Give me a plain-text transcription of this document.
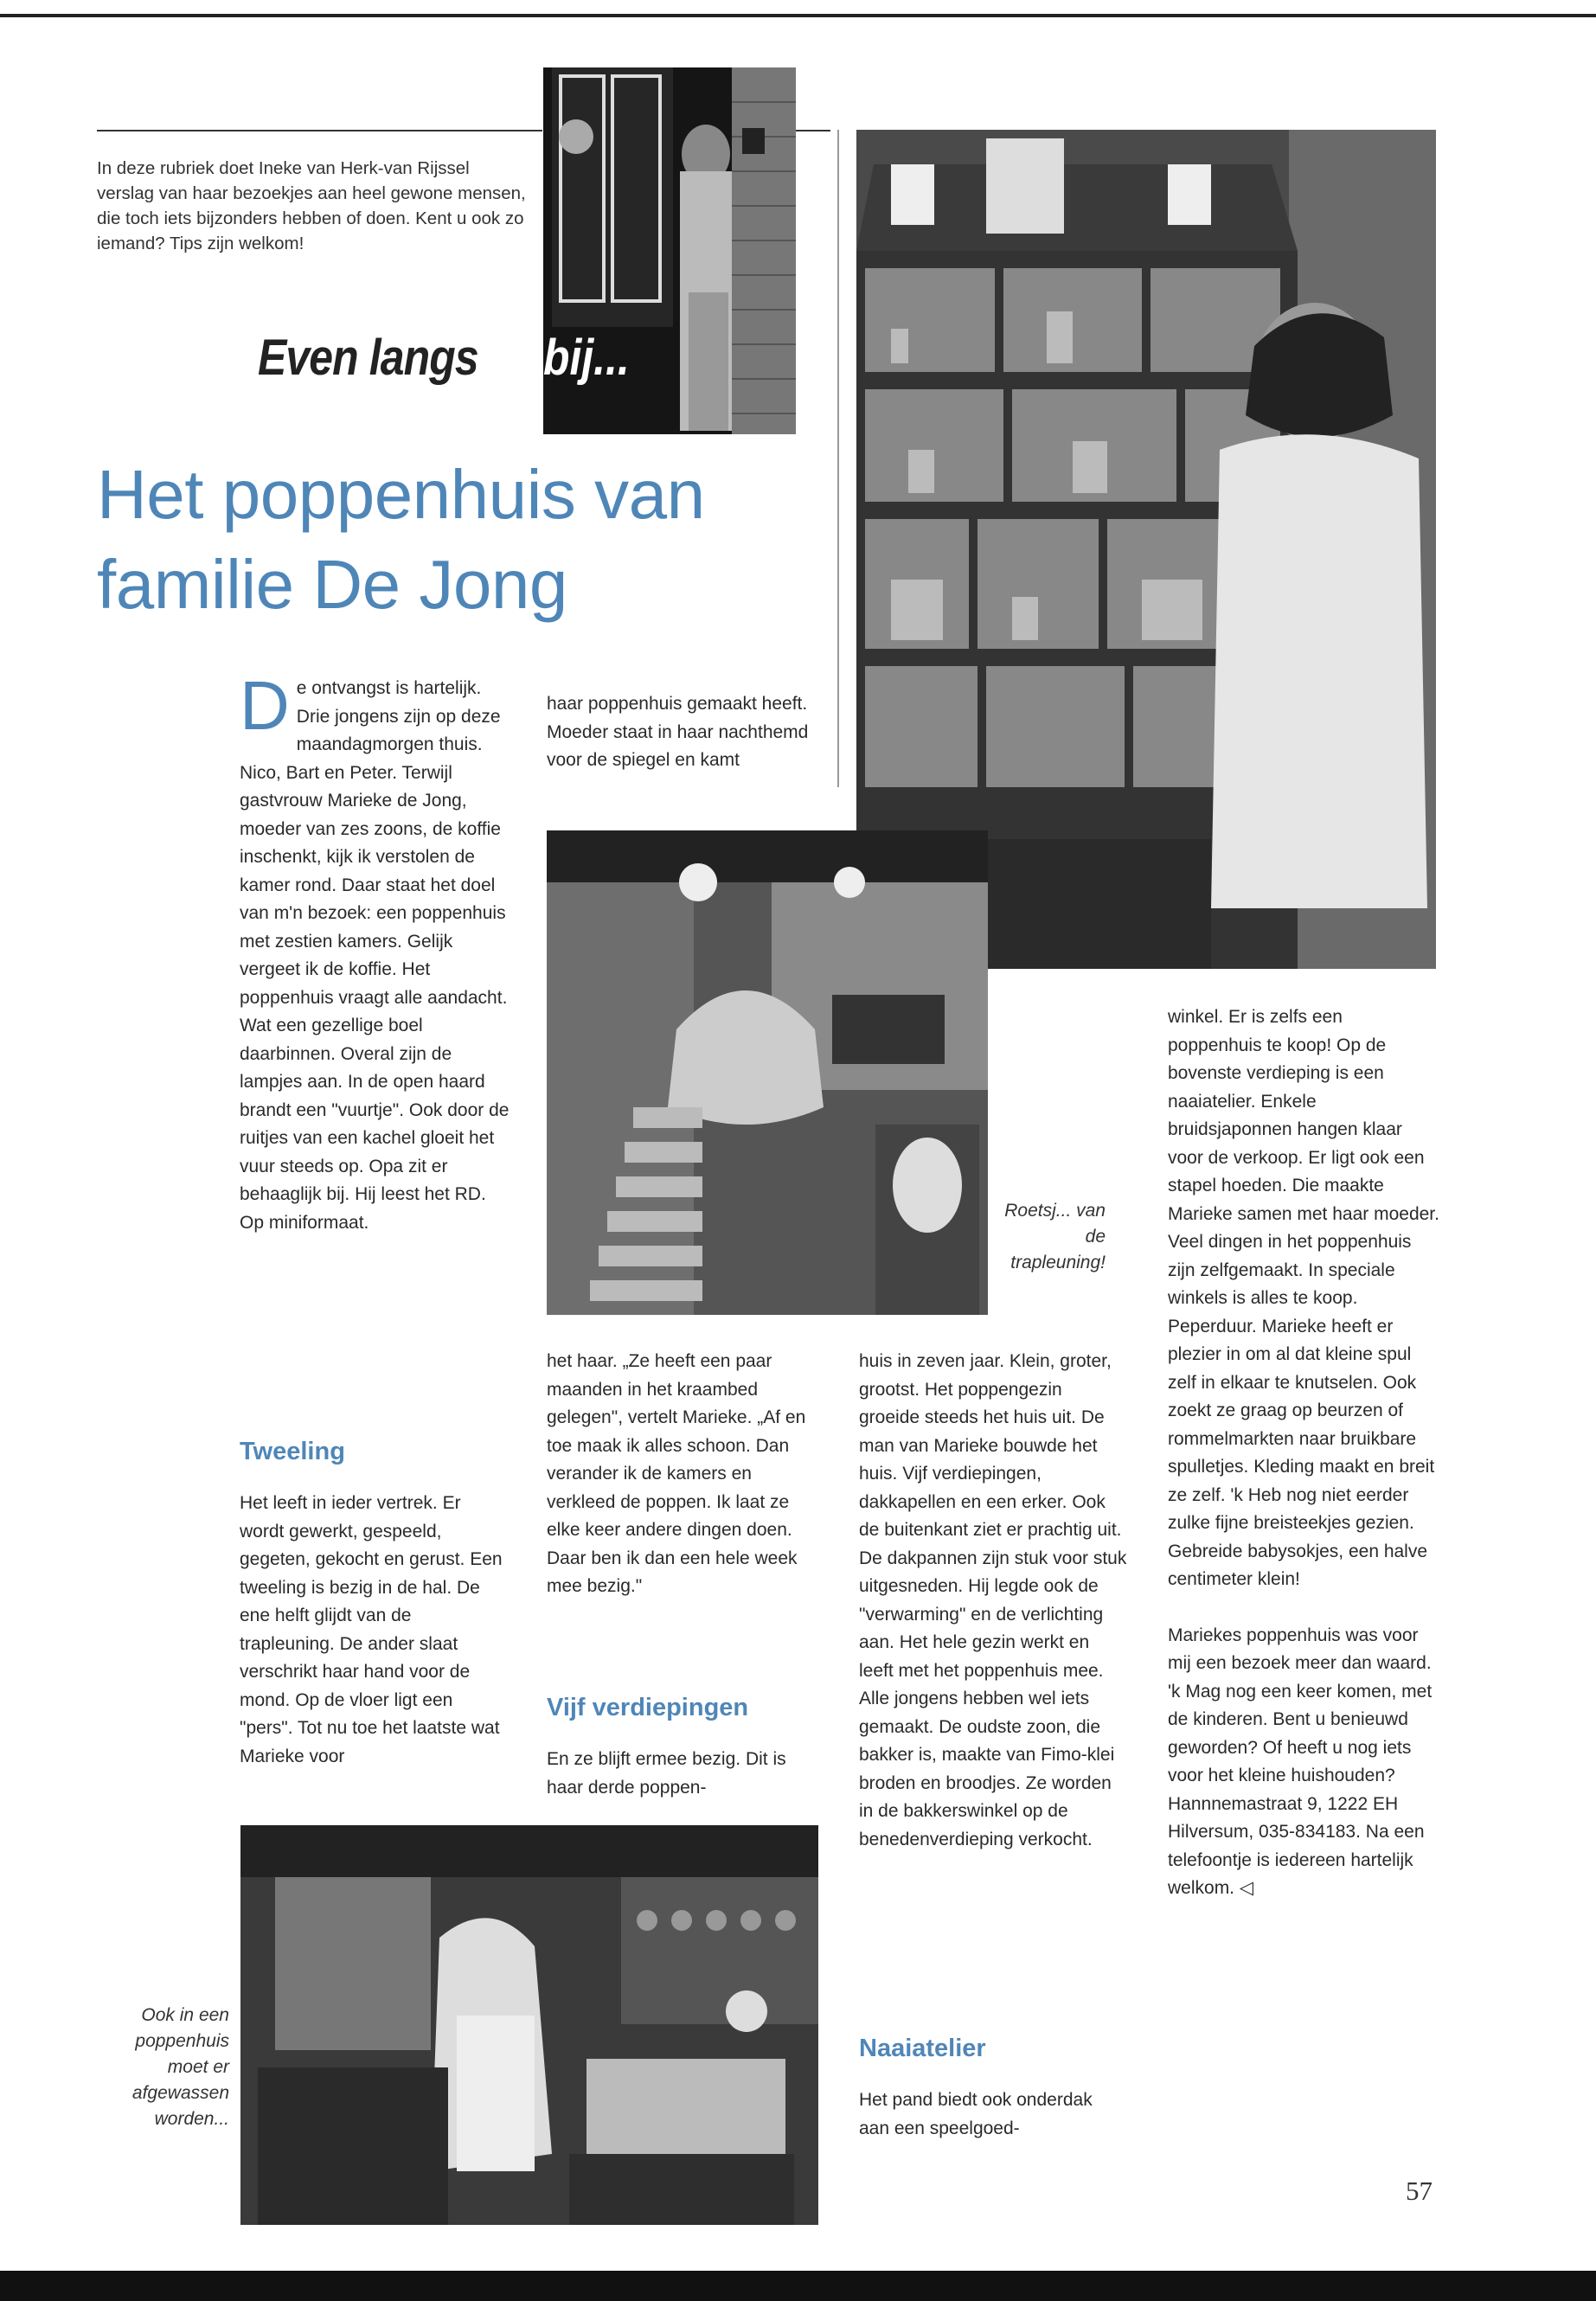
In deze rubriek doet Ineke van Herk-van Rijssel verslag van haar bezoekjes aan heel gewone mensen, die toch iets bijzonders hebben of doen. Kent u ook zo iemand? Tips zijn welkom!
Even langs bij...
Het poppenhuis van familie De Jong

De ontvangst is hartelijk. Drie jongens zijn op deze maandagmorgen thuis. Nico, Bart en Peter. Terwijl gastvrouw Marieke de Jong, moeder van zes zoons, de koffie inschenkt, kijk ik verstolen de kamer rond. Daar staat het doel van m'n bezoek: een poppenhuis met zestien kamers. Gelijk vergeet ik de koffie. Het poppenhuis vraagt alle aandacht.

Wat een gezellige boel daarbinnen. Overal zijn de lampjes aan. In de open haard brandt een "vuurtje". Ook door de ruitjes van een kachel gloeit het vuur steeds op. Opa zit er behaaglijk bij. Hij leest het RD. Op miniformaat.

Tweeling

Het leeft in ieder vertrek. Er wordt gewerkt, gespeeld, gegeten, gekocht en gerust. Een tweeling is bezig in de hal. De ene helft glijdt van de trapleuning. De ander slaat verschrikt haar hand voor de mond. Op de vloer ligt een "pers". Tot nu toe het laatste wat Marieke voor

haar poppenhuis gemaakt heeft. Moeder staat in haar nachthemd voor de spiegel en kamt

Roetsj... van de trapleuning!

het haar. „Ze heeft een paar maanden in het kraambed gelegen", vertelt Marieke. „Af en toe maak ik alles schoon. Dan verander ik de kamers en verkleed de poppen. Ik laat ze elke keer andere dingen doen. Daar ben ik dan een hele week mee bezig."

Vijf verdiepingen

En ze blijft ermee bezig. Dit is haar derde poppen-

huis in zeven jaar. Klein, groter, grootst. Het poppengezin groeide steeds het huis uit. De man van Marieke bouwde het huis. Vijf verdiepingen, dakkapellen en een erker. Ook de buitenkant ziet er prachtig uit. De dakpannen zijn stuk voor stuk uitgesneden. Hij legde ook de "verwarming" en de verlichting aan. Het hele gezin werkt en leeft met het poppenhuis mee. Alle jongens hebben wel iets gemaakt. De oudste zoon, die bakker is, maakte van Fimo-klei broden en broodjes. Ze worden in de bakkerswinkel op de benedenverdieping verkocht.

Naaiatelier

Het pand biedt ook onderdak aan een speelgoed-

winkel. Er is zelfs een poppenhuis te koop! Op de bovenste verdieping is een naaiatelier. Enkele bruidsjaponnen hangen klaar voor de verkoop. Er ligt ook een stapel hoeden. Die maakte Marieke samen met haar moeder. Veel dingen in het poppenhuis zijn zelfgemaakt. In speciale winkels is alles te koop. Peperduur. Marieke heeft er plezier in om al dat kleine spul zelf in elkaar te knutselen. Ook zoekt ze graag op beurzen of rommelmarkten naar bruikbare spulletjes. Kleding maakt en breit ze zelf. 'k Heb nog niet eerder zulke fijne breisteekjes gezien. Gebreide babysokjes, een halve centimeter klein!

Mariekes poppenhuis was voor mij een bezoek meer dan waard. 'k Mag nog een keer komen, met de kinderen. Bent u benieuwd geworden? Of heeft u nog iets voor het kleine huishouden? Hannnemastraat 9, 1222 EH Hilversum, 035-834183. Na een telefoontje is iedereen hartelijk welkom. ◁

Ook in een poppenhuis moet er afgewassen worden...
57
